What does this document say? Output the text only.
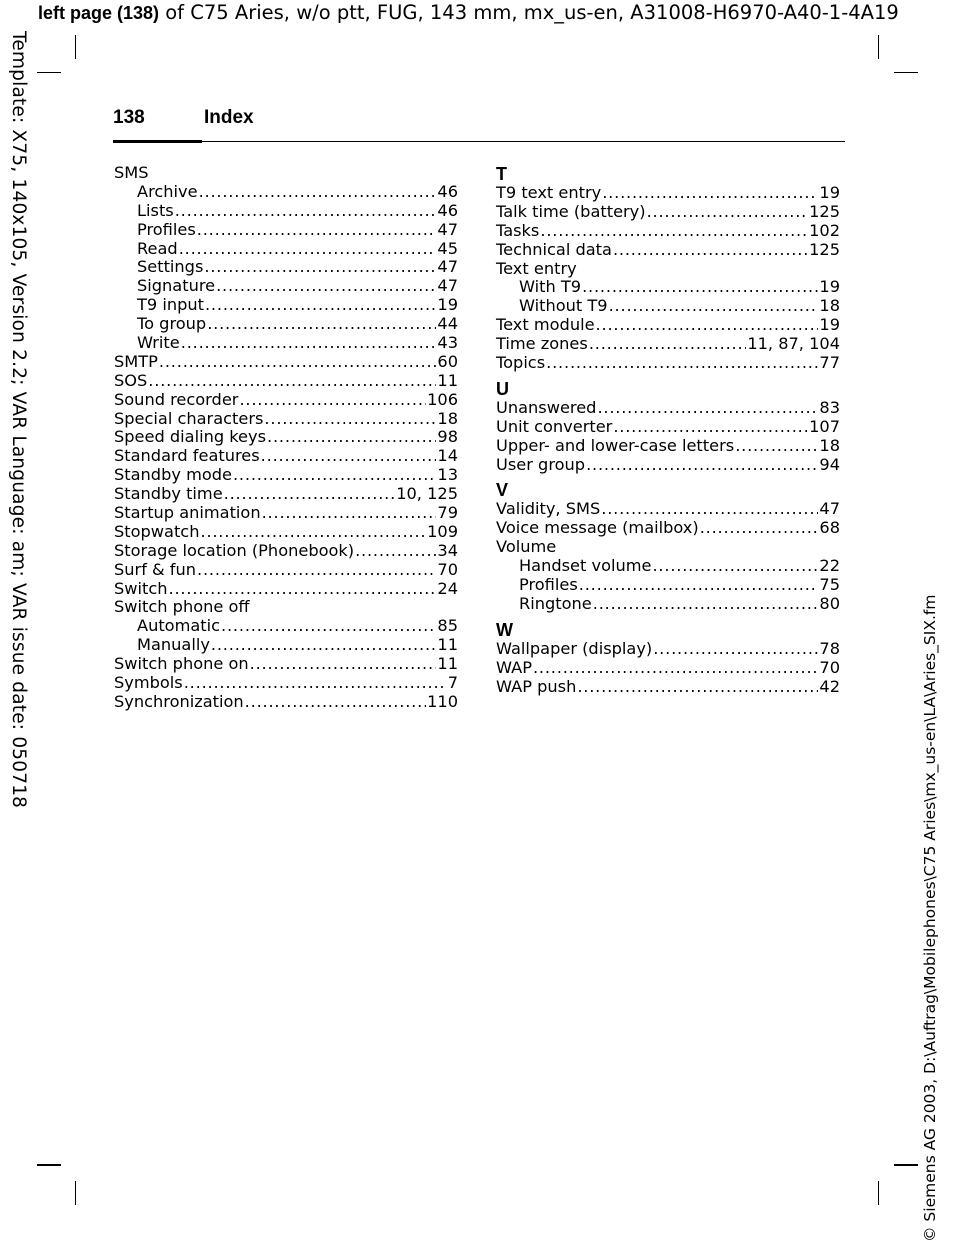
left page (138) of C75 Aries, w/o ptt, FUG, 143 mm, mx_us-en, A31008-H6970-A40-1-4A19
Template: X75, 140x105, Version 2.2; VAR Language: am; VAR issue date: 050718
© Siemens AG 2003, D:\Auftrag\Mobilephones\C75 Aries\mx_us-en\LA\Aries_SIX.fm
138	Index
SMS
Archive .....	46
Lists .....	46
Profiles .....	47
Read .....	45
Settings .....	47
Signature .....	47
T9 input .....	19
To group .....	44
Write .....	43
SMTP .....	60
SOS .....	11
Sound recorder .....	106
Special characters .....	18
Speed dialing keys .....	98
Standard features .....	14
Standby mode .....	13
Standby time .....	10, 125
Startup animation .....	79
Stopwatch .....	109
Storage location (Phonebook) .....	34
Surf & fun .....	70
Switch .....	24
Switch phone off
Automatic .....	85
Manually .....	11
Switch phone on .....	11
Symbols .....	7
Synchronization .....	110
T
T9 text entry .....	19
Talk time (battery) .....	125
Tasks .....	102
Technical data .....	125
Text entry
With T9 .....	19
Without T9 .....	18
Text module .....	19
Time zones .....	11, 87, 104
Topics .....	77
U
Unanswered .....	83
Unit converter .....	107
Upper- and lower-case letters .....	18
User group .....	94
V
Validity, SMS .....	47
Voice message (mailbox) .....	68
Volume
Handset volume .....	22
Profiles .....	75
Ringtone .....	80
W
Wallpaper (display) .....	78
WAP .....	70
WAP push .....	42
